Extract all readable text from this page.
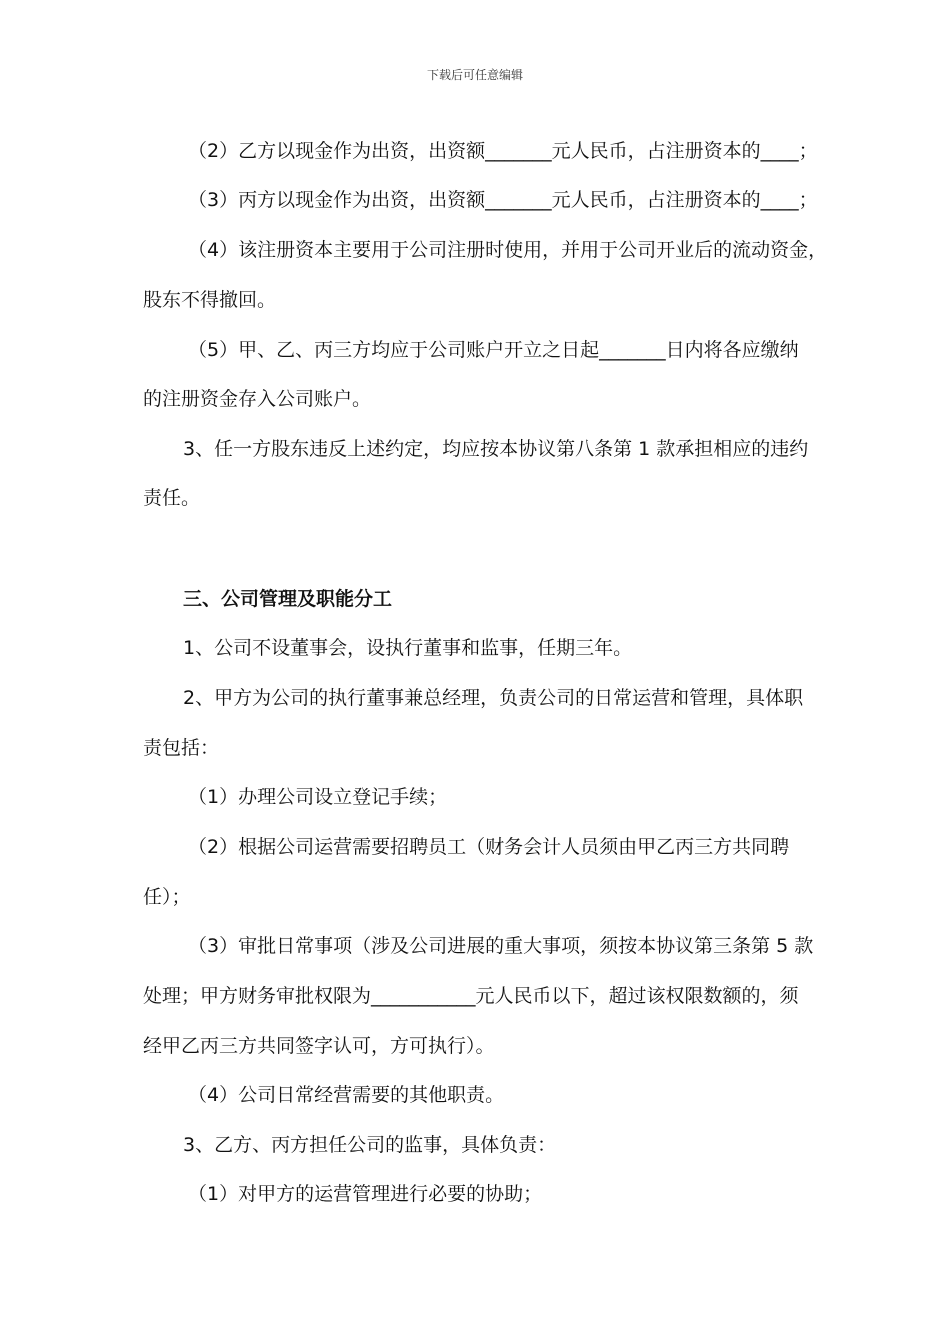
下载后可任意编辑
（2）乙方以现金作为出资，出资额_______元人民币，占注册资本的____；
（3）丙方以现金作为出资，出资额_______元人民币，占注册资本的____；
（4）该注册资本主要用于公司注册时使用，并用于公司开业后的流动资金，
股东不得撤回。
（5）甲、乙、丙三方均应于公司账户开立之日起_______日内将各应缴纳
的注册资金存入公司账户。
3、任一方股东违反上述约定，均应按本协议第八条第 1 款承担相应的违约
责任。
三、公司管理及职能分工
1、公司不设董事会，设执行董事和监事，任期三年。
2、甲方为公司的执行董事兼总经理，负责公司的日常运营和管理，具体职
责包括：
（1）办理公司设立登记手续；
（2）根据公司运营需要招聘员工（财务会计人员须由甲乙丙三方共同聘
任）；
（3）审批日常事项（涉及公司进展的重大事项，须按本协议第三条第 5 款
处理；甲方财务审批权限为___________元人民币以下，超过该权限数额的，须
经甲乙丙三方共同签字认可，方可执行）。
（4）公司日常经营需要的其他职责。
3、乙方、丙方担任公司的监事，具体负责：
（1）对甲方的运营管理进行必要的协助；
